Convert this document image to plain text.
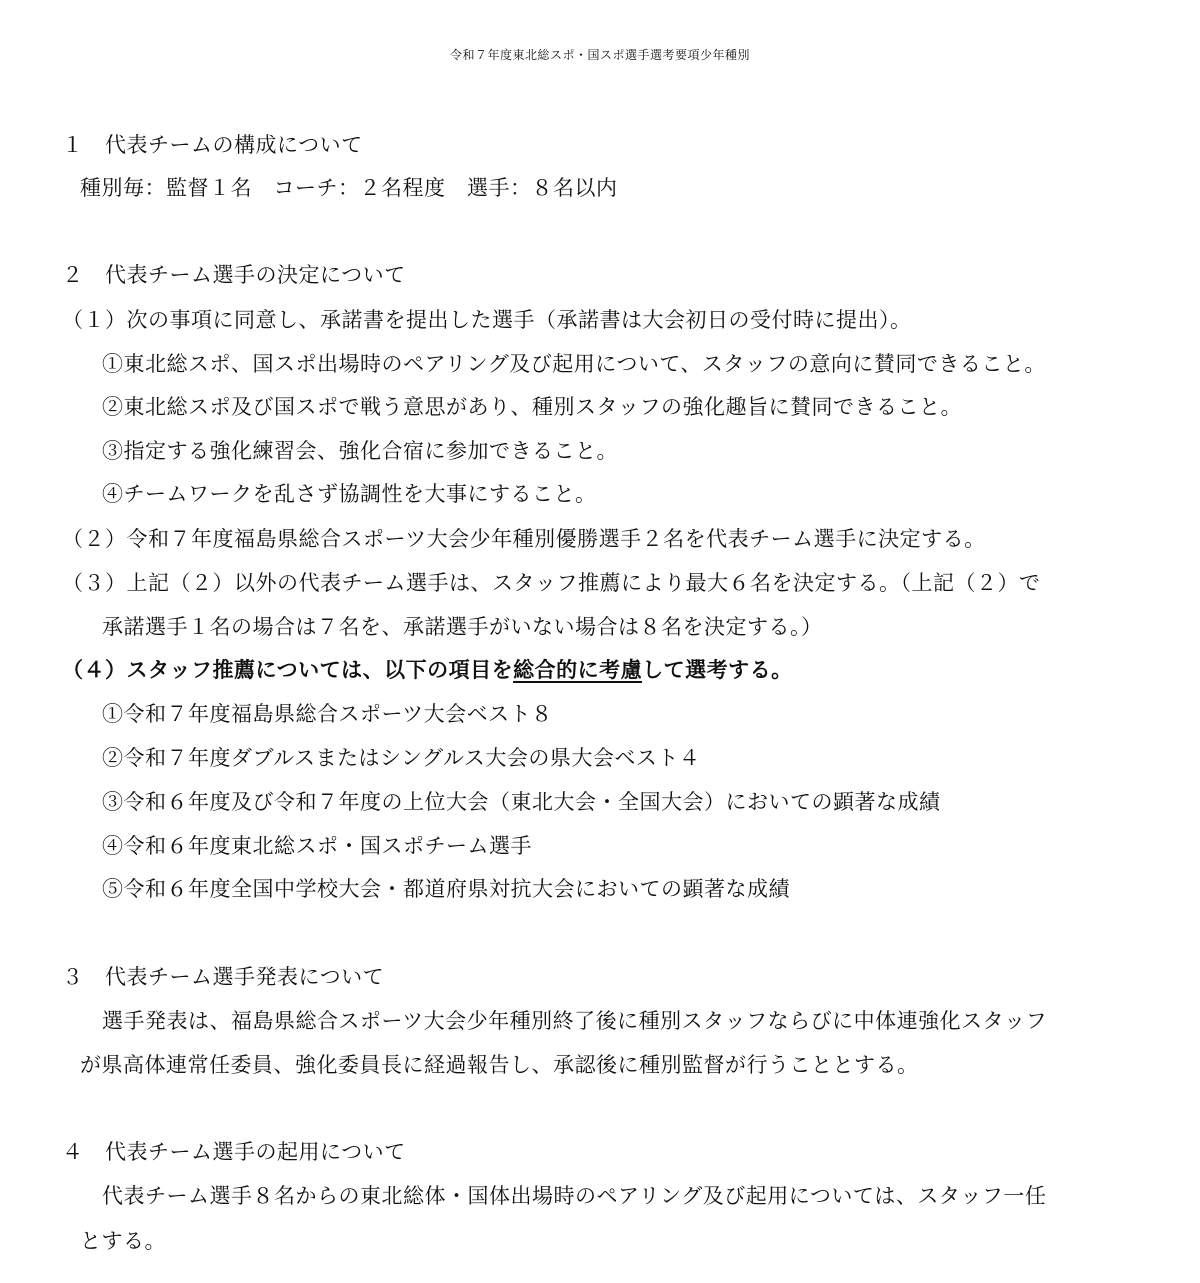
令和７年度東北総スポ・国スポ選手選考要項少年種別
１　代表チームの構成について
種別毎：監督１名　コーチ：２名程度　選手：８名以内
２　代表チーム選手の決定について
（１）次の事項に同意し、承諾書を提出した選手（承諾書は大会初日の受付時に提出）。
①東北総スポ、国スポ出場時のペアリング及び起用について、スタッフの意向に賛同できること。
②東北総スポ及び国スポで戦う意思があり、種別スタッフの強化趣旨に賛同できること。
③指定する強化練習会、強化合宿に参加できること。
④チームワークを乱さず協調性を大事にすること。
（２）令和７年度福島県総合スポーツ大会少年種別優勝選手２名を代表チーム選手に決定する。
（３）上記（２）以外の代表チーム選手は、スタッフ推薦により最大６名を決定する。（上記（２）で
承諾選手１名の場合は７名を、承諾選手がいない場合は８名を決定する。）
（４）スタッフ推薦については、以下の項目を総合的に考慮して選考する。
①令和７年度福島県総合スポーツ大会ベスト８
②令和７年度ダブルスまたはシングルス大会の県大会ベスト４
③令和６年度及び令和７年度の上位大会（東北大会・全国大会）においての顕著な成績
④令和６年度東北総スポ・国スポチーム選手
⑤令和６年度全国中学校大会・都道府県対抗大会においての顕著な成績
３　代表チーム選手発表について
選手発表は、福島県総合スポーツ大会少年種別終了後に種別スタッフならびに中体連強化スタッフ
が県高体連常任委員、強化委員長に経過報告し、承認後に種別監督が行うこととする。
４　代表チーム選手の起用について
代表チーム選手８名からの東北総体・国体出場時のペアリング及び起用については、スタッフ一任
とする。
